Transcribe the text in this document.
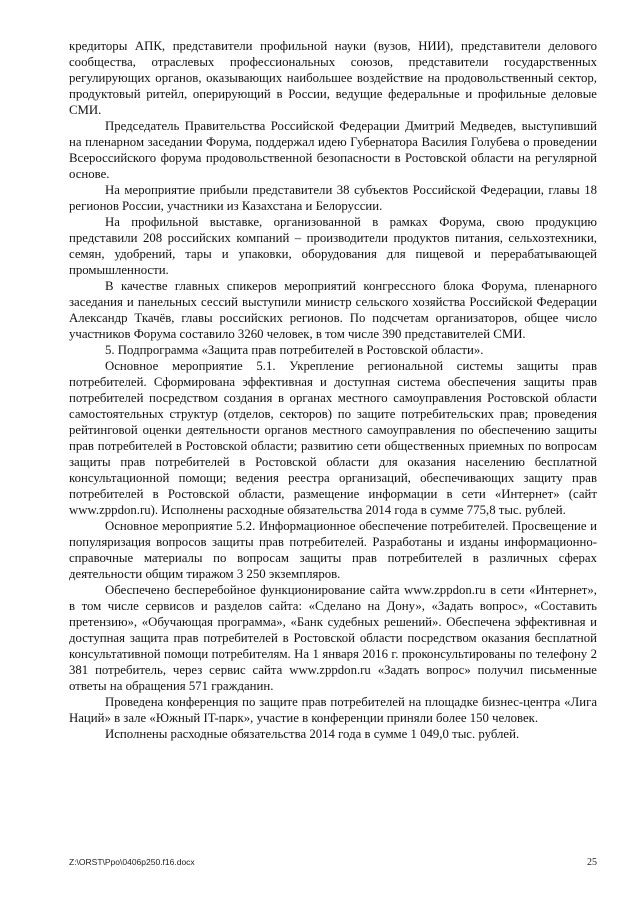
кредиторы АПК, представители профильной науки (вузов, НИИ), представители делового сообщества, отраслевых профессиональных союзов, представители государственных регулирующих органов, оказывающих наибольшее воздействие на продовольственный сектор, продуктовый ритейл, оперирующий в России, ведущие федеральные и профильные деловые СМИ.

Председатель Правительства Российской Федерации Дмитрий Медведев, выступивший на пленарном заседании Форума, поддержал идею Губернатора Василия Голубева о проведении Всероссийского форума продовольственной безопасности в Ростовской области на регулярной основе.

На мероприятие прибыли представители 38 субъектов Российской Федерации, главы 18 регионов России, участники из Казахстана и Белоруссии.

На профильной выставке, организованной в рамках Форума, свою продукцию представили 208 российских компаний – производители продуктов питания, сельхозтехники, семян, удобрений, тары и упаковки, оборудования для пищевой и перерабатывающей промышленности.

В качестве главных спикеров мероприятий конгрессного блока Форума, пленарного заседания и панельных сессий выступили министр сельского хозяйства Российской Федерации Александр Ткачёв, главы российских регионов. По подсчетам организаторов, общее число участников Форума составило 3260 человек, в том числе 390 представителей СМИ.

5. Подпрограмма «Защита прав потребителей в Ростовской области».

Основное мероприятие 5.1. Укрепление региональной системы защиты прав потребителей. Сформирована эффективная и доступная система обеспечения защиты прав потребителей посредством создания в органах местного самоуправления Ростовской области самостоятельных структур (отделов, секторов) по защите потребительских прав; проведения рейтинговой оценки деятельности органов местного самоуправления по обеспечению защиты прав потребителей в Ростовской области; развитию сети общественных приемных по вопросам защиты прав потребителей в Ростовской области для оказания населению бесплатной консультационной помощи; ведения реестра организаций, обеспечивающих защиту прав потребителей в Ростовской области, размещение информации в сети «Интернет» (сайт www.zppdon.ru). Исполнены расходные обязательства 2014 года в сумме 775,8 тыс. рублей.

Основное мероприятие 5.2. Информационное обеспечение потребителей. Просвещение и популяризация вопросов защиты прав потребителей. Разработаны и изданы информационно-справочные материалы по вопросам защиты прав потребителей в различных сферах деятельности общим тиражом 3 250 экземпляров.

Обеспечено бесперебойное функционирование сайта www.zppdon.ru в сети «Интернет», в том числе сервисов и разделов сайта: «Сделано на Дону», «Задать вопрос», «Составить претензию», «Обучающая программа», «Банк судебных решений». Обеспечена эффективная и доступная защита прав потребителей в Ростовской области посредством оказания бесплатной консультативной помощи потребителям. На 1 января 2016 г. проконсультированы по телефону 2 381 потребитель, через сервис сайта www.zppdon.ru «Задать вопрос» получил письменные ответы на обращения 571 гражданин.

Проведена конференция по защите прав потребителей на площадке бизнес-центра «Лига Наций» в зале «Южный IT-парк», участие в конференции приняли более 150 человек.

Исполнены расходные обязательства 2014 года в сумме 1 049,0 тыс. рублей.

Z:\ORST\Ppo\0406p250.f16.docx	25
